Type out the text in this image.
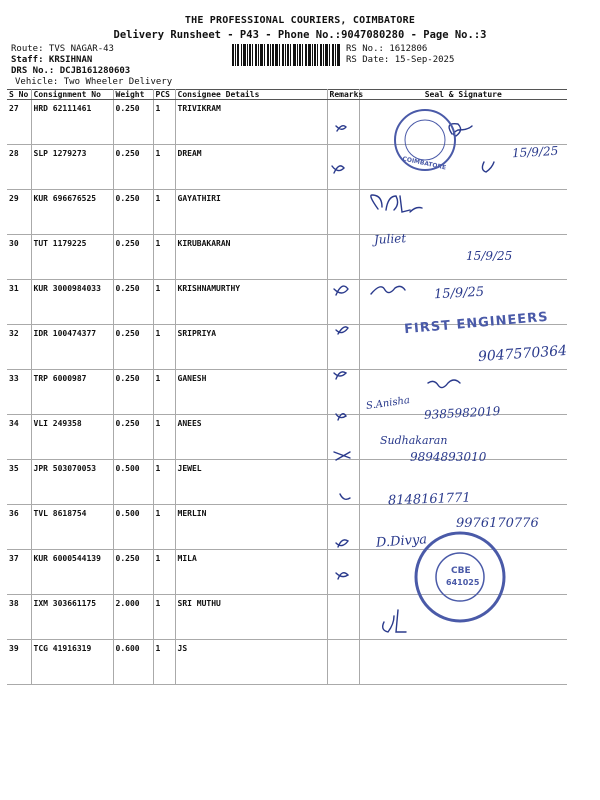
THE PROFESSIONAL COURIERS, COIMBATORE
Delivery Runsheet - P43 - Phone No.:9047080280 - Page No.:3
Route: TVS NAGAR-43
Staff: KRSIHNAN
DRS No.: DCJB161280603
Vehicle: Two Wheeler Delivery
RS No.: 1612806
RS Date: 15-Sep-2025
S No	Consignment No	Weight	PCS	Consignee Details	Remarks	Seal & Signature
27	HRD 62111461	0.250	1	TRIVIKRAM		
28	SLP 1279273	0.250	1	DREAM		
29	KUR 696676525	0.250	1	GAYATHIRI		
30	TUT 1179225	0.250	1	KIRUBAKARAN		
31	KUR 3000984033	0.250	1	KRISHNAMURTHY		
32	IDR 100474377	0.250	1	SRIPRIYA		
33	TRP 6000987	0.250	1	GANESH		
34	VLI 249358	0.250	1	ANEES		
35	JPR 503070053	0.500	1	JEWEL		
36	TVL 8618754	0.500	1	MERLIN		
37	KUR 6000544139	0.250	1	MILA		
38	IXM 303661175	2.000	1	SRI MUTHU		
39	TCG 41916319	0.600	1	JS		
15/9/25
Juliet
15/9/25
15/9/25
9047570364
S.Anisha
9385982019
Sudhakaran
9894893010
8148161771
9976170776
D.Divya
COIMBATORE
FIRST ENGINEERS
CBE
641025
